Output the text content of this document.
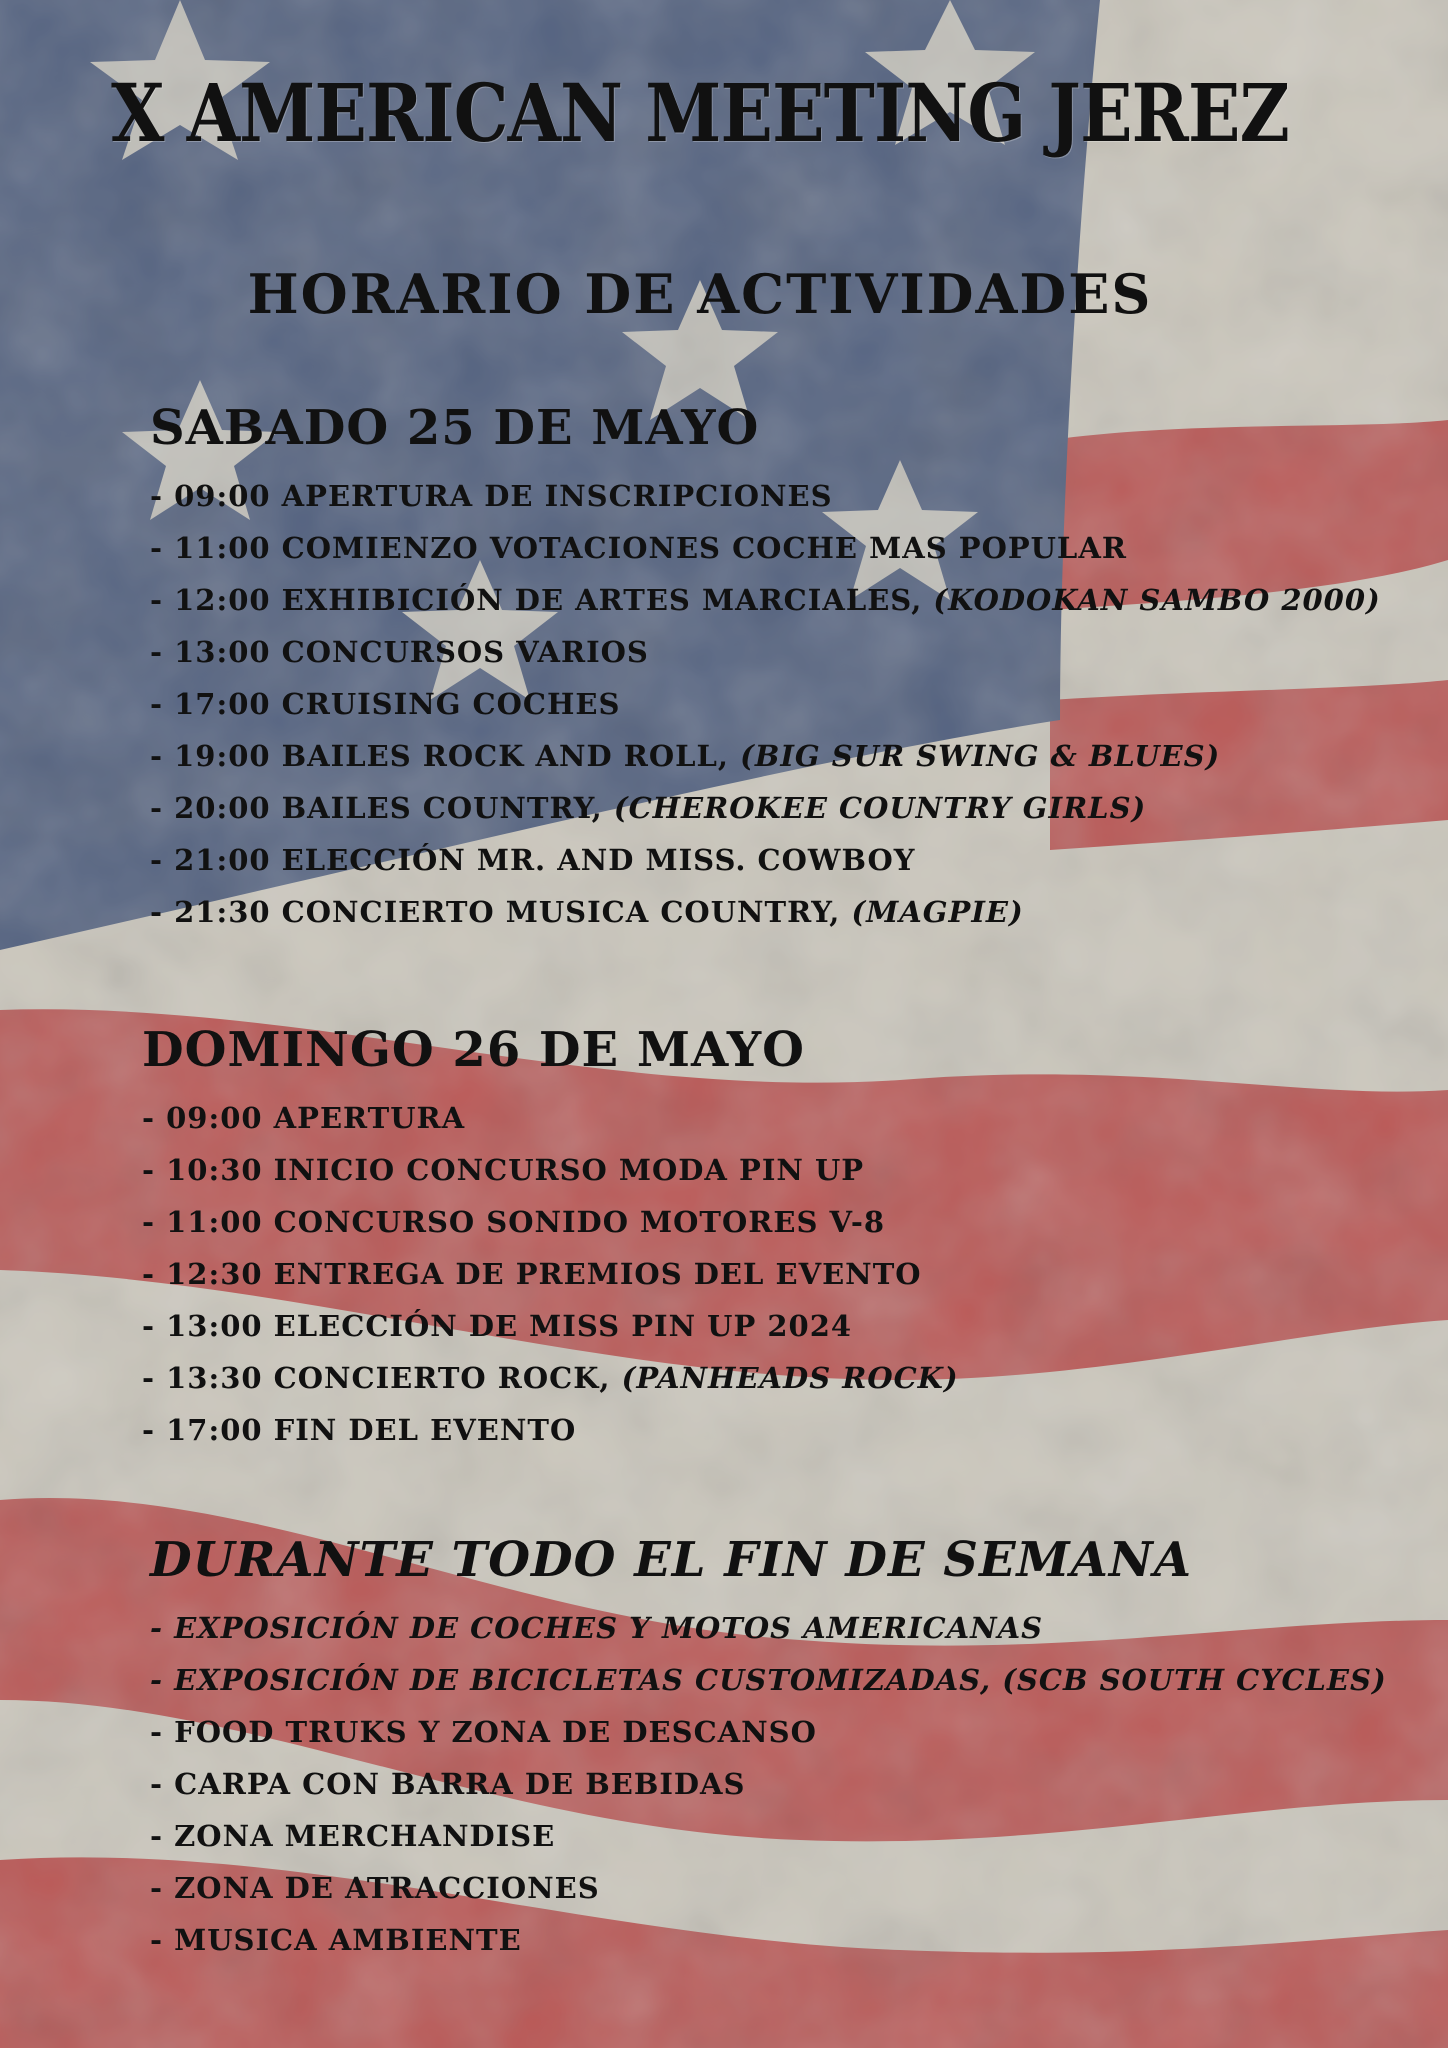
X AMERICAN MEETING JEREZ
HORARIO DE ACTIVIDADES
SABADO 25 DE MAYO
- 09:00 APERTURA DE INSCRIPCIONES
- 11:00 COMIENZO VOTACIONES COCHE MAS POPULAR
- 12:00 EXHIBICIÓN DE ARTES MARCIALES, (KODOKAN SAMBO 2000)
- 13:00 CONCURSOS VARIOS
- 17:00 CRUISING COCHES
- 19:00 BAILES ROCK AND ROLL, (BIG SUR SWING & BLUES)
- 20:00 BAILES COUNTRY, (CHEROKEE COUNTRY GIRLS)
- 21:00 ELECCIÓN MR. AND MISS. COWBOY
- 21:30 CONCIERTO MUSICA COUNTRY, (MAGPIE)
DOMINGO 26 DE MAYO
- 09:00 APERTURA
- 10:30 INICIO CONCURSO MODA PIN UP
- 11:00 CONCURSO SONIDO MOTORES V-8
- 12:30 ENTREGA DE PREMIOS DEL EVENTO
- 13:00 ELECCIÓN DE MISS PIN UP 2024
- 13:30 CONCIERTO ROCK, (PANHEADS ROCK)
- 17:00 FIN DEL EVENTO
DURANTE TODO EL FIN DE SEMANA
- EXPOSICIÓN DE COCHES Y MOTOS AMERICANAS
- EXPOSICIÓN DE BICICLETAS CUSTOMIZADAS, (SCB SOUTH CYCLES)
- FOOD TRUKS Y ZONA DE DESCANSO
- CARPA CON BARRA DE BEBIDAS
- ZONA MERCHANDISE
- ZONA DE ATRACCIONES
- MUSICA AMBIENTE
